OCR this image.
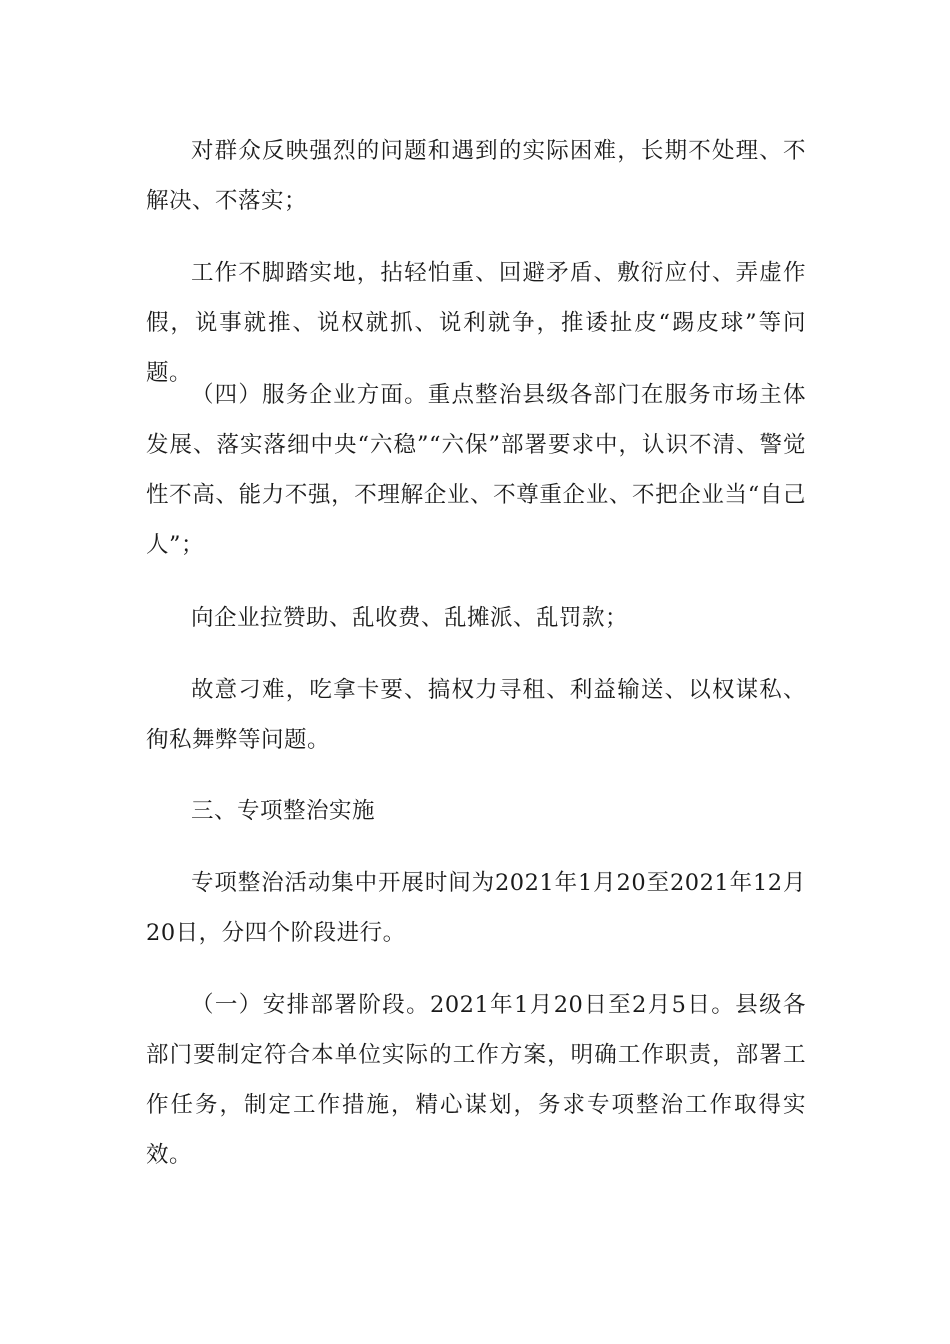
对群众反映强烈的问题和遇到的实际困难，长期不处理、不解决、不落实；

工作不脚踏实地，拈轻怕重、回避矛盾、敷衍应付、弄虚作假，说事就推、说权就抓、说利就争，推诿扯皮“踢皮球”等问题。

（四）服务企业方面。重点整治县级各部门在服务市场主体发展、落实落细中央“六稳”“六保”部署要求中，认识不清、警觉性不高、能力不强，不理解企业、不尊重企业、不把企业当“自己人”；

向企业拉赞助、乱收费、乱摊派、乱罚款；

故意刁难，吃拿卡要、搞权力寻租、利益输送、以权谋私、徇私舞弊等问题。

三、专项整治实施

专项整治活动集中开展时间为2021年1月20至2021年12月20日，分四个阶段进行。

（一）安排部署阶段。2021年1月20日至2月5日。县级各部门要制定符合本单位实际的工作方案，明确工作职责，部署工作任务，制定工作措施，精心谋划，务求专项整治工作取得实效。
